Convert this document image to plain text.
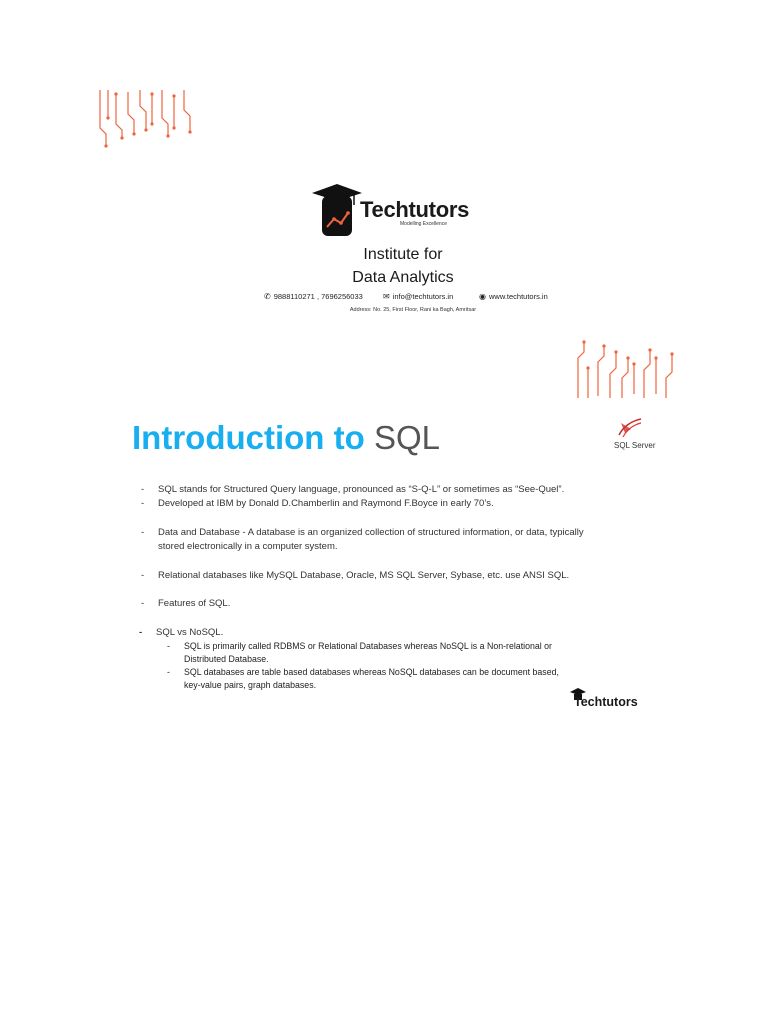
Techtutors
Modelling Excellence
Institute for
Data Analytics
✆ 9888110271 , 7696256033	✉ info@techtutors.in	◉ www.techtutors.in
Address: No. 25, First Floor, Rani ka Bagh, Amritsar
Introduction to SQL	SQL Server
- SQL stands for Structured Query language, pronounced as “S-Q-L” or sometimes as “See-Quel”.
- Developed at IBM by Donald D.Chamberlin and Raymond F.Boyce in early 70’s.
- Data and Database - A database is an organized collection of structured information, or data, typically
stored electronically in a computer system.
- Relational databases like MySQL Database, Oracle, MS SQL Server, Sybase, etc. use ANSI SQL.
- Features of SQL.
- SQL vs NoSQL.
- SQL is primarily called RDBMS or Relational Databases whereas NoSQL is a Non-relational or
Distributed Database.
- SQL databases are table based databases whereas NoSQL databases can be document based,
key-value pairs, graph databases.
Techtutors
